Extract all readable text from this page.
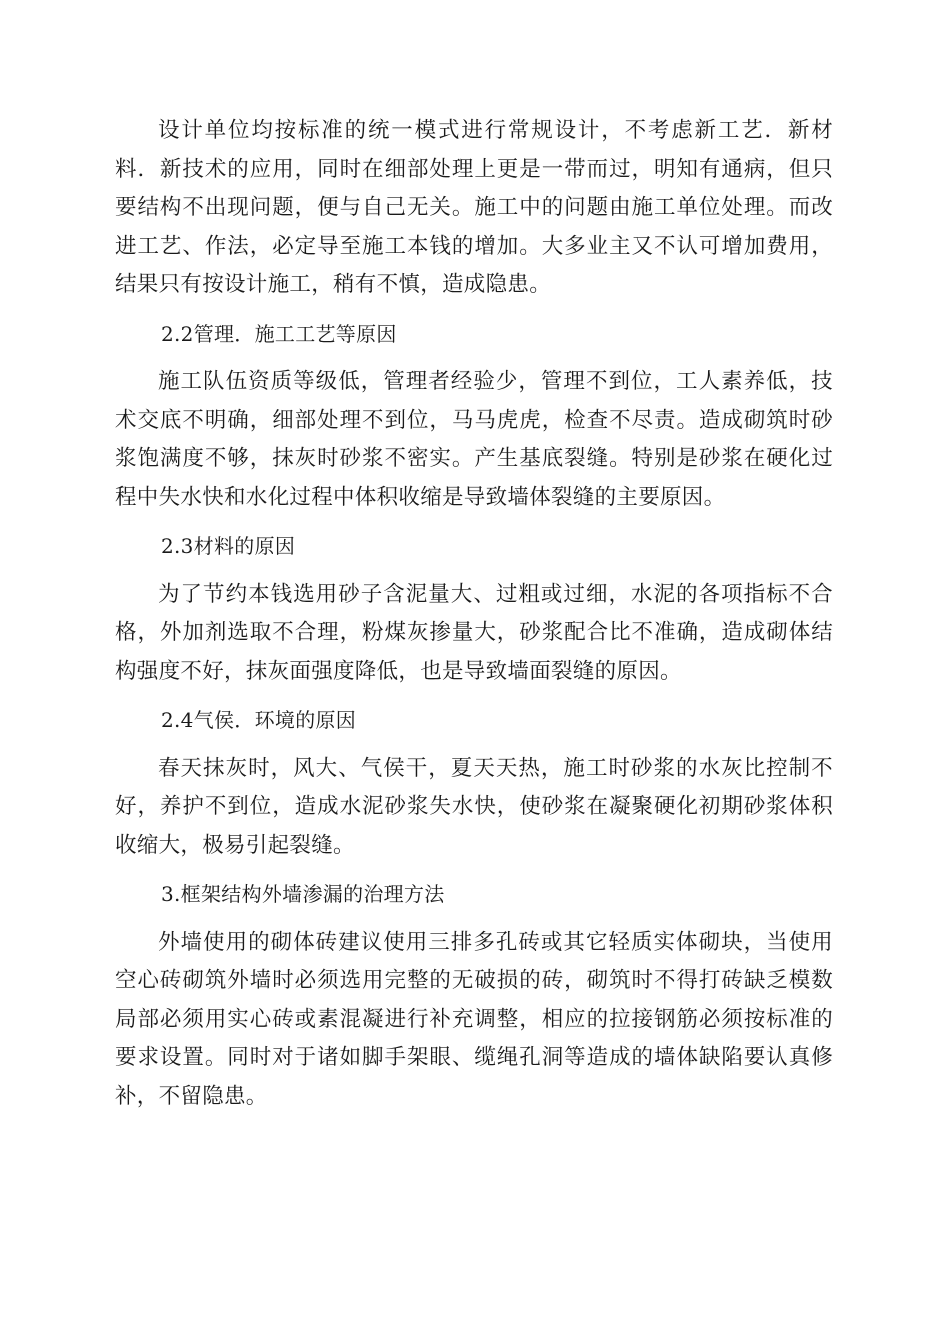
设计单位均按标准的统一模式进行常规设计，不考虑新工艺．新材料．新技术的应用，同时在细部处理上更是一带而过，明知有通病，但只要结构不出现问题，便与自己无关。施工中的问题由施工单位处理。而改进工艺、作法，必定导至施工本钱的增加。大多业主又不认可增加费用，结果只有按设计施工，稍有不慎，造成隐患。

2.2管理．施工工艺等原因

施工队伍资质等级低，管理者经验少，管理不到位，工人素养低，技术交底不明确，细部处理不到位，马马虎虎，检查不尽责。造成砌筑时砂浆饱满度不够，抹灰时砂浆不密实。产生基底裂缝。特别是砂浆在硬化过程中失水快和水化过程中体积收缩是导致墙体裂缝的主要原因。

2.3材料的原因

为了节约本钱选用砂子含泥量大、过粗或过细，水泥的各项指标不合格，外加剂选取不合理，粉煤灰掺量大，砂浆配合比不准确，造成砌体结构强度不好，抹灰面强度降低，也是导致墙面裂缝的原因。

2.4气侯．环境的原因

春天抹灰时，风大、气侯干，夏天天热，施工时砂浆的水灰比控制不好，养护不到位，造成水泥砂浆失水快，使砂浆在凝聚硬化初期砂浆体积收缩大，极易引起裂缝。

3.框架结构外墙渗漏的治理方法

外墙使用的砌体砖建议使用三排多孔砖或其它轻质实体砌块，当使用空心砖砌筑外墙时必须选用完整的无破损的砖，砌筑时不得打砖缺乏模数局部必须用实心砖或素混凝进行补充调整，相应的拉接钢筋必须按标准的要求设置。同时对于诸如脚手架眼、缆绳孔洞等造成的墙体缺陷要认真修补，不留隐患。
